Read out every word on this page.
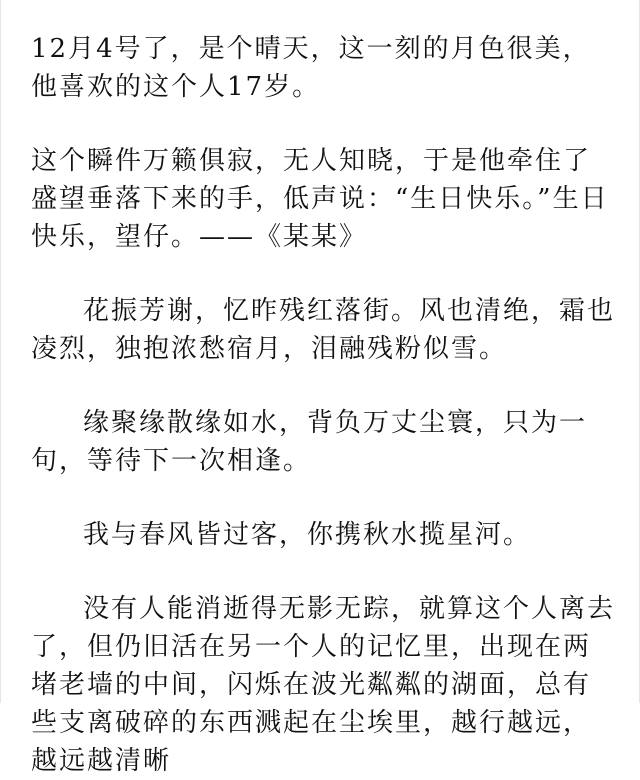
12月4号了，是个晴天，这一刻的月色很美，他喜欢的这个人17岁。

这个瞬件万籁俱寂，无人知晓，于是他牵住了盛望垂落下来的手，低声说：“生日快乐。”生日快乐，望仔。——《某某》

花振芳谢，忆昨残红落街。风也清绝，霜也凌烈，独抱浓愁宿月，泪融残粉似雪。

缘聚缘散缘如水，背负万丈尘寰，只为一句，等待下一次相逢。

我与春风皆过客，你携秋水揽星河。

没有人能消逝得无影无踪，就算这个人离去了，但仍旧活在另一个人的记忆里，出现在两堵老墙的中间，闪烁在波光粼粼的湖面，总有些支离破碎的东西溅起在尘埃里，越行越远，越远越清晰
